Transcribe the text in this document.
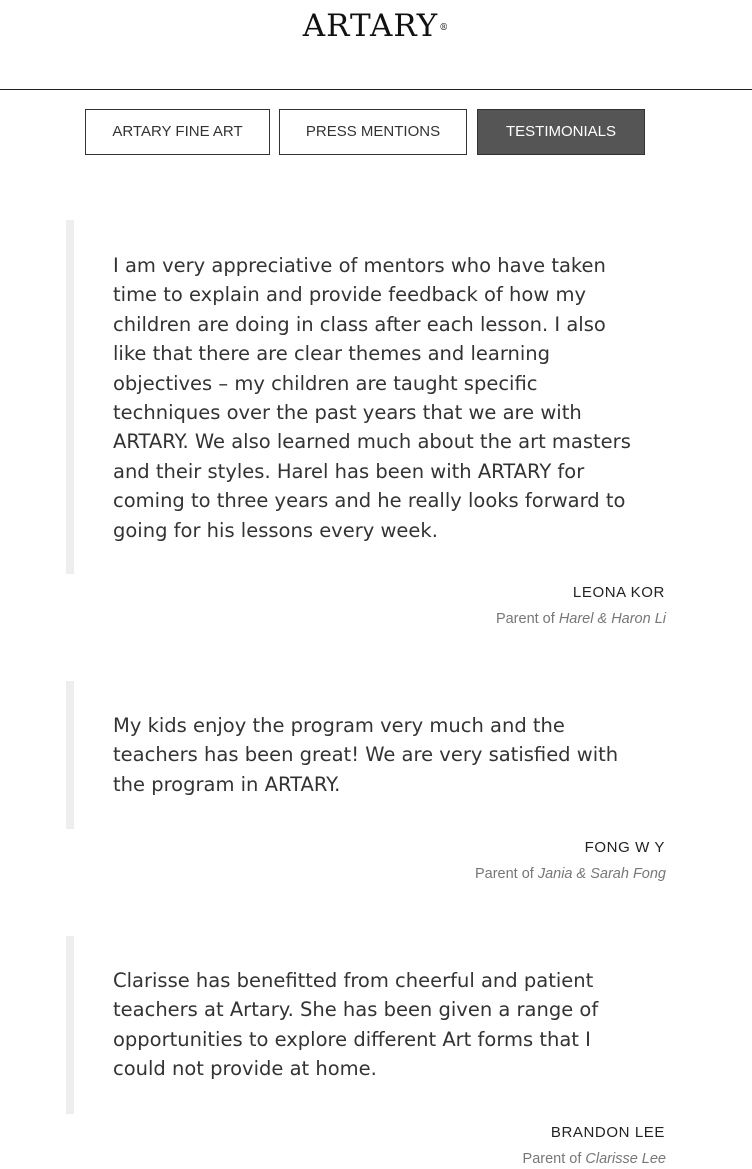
ARTARY®
ARTARY FINE ART	PRESS MENTIONS	TESTIMONIALS

I am very appreciative of mentors who have taken time to explain and provide feedback of how my children are doing in class after each lesson. I also like that there are clear themes and learning objectives – my children are taught specific techniques over the past years that we are with ARTARY. We also learned much about the art masters and their styles. Harel has been with ARTARY for coming to three years and he really looks forward to going for his lessons every week.

LEONA KOR
Parent of Harel & Haron Li

My kids enjoy the program very much and the teachers has been great! We are very satisfied with the program in ARTARY.

FONG W Y
Parent of Jania & Sarah Fong

Clarisse has benefitted from cheerful and patient teachers at Artary. She has been given a range of opportunities to explore different Art forms that I could not provide at home.

BRANDON LEE
Parent of Clarisse Lee
